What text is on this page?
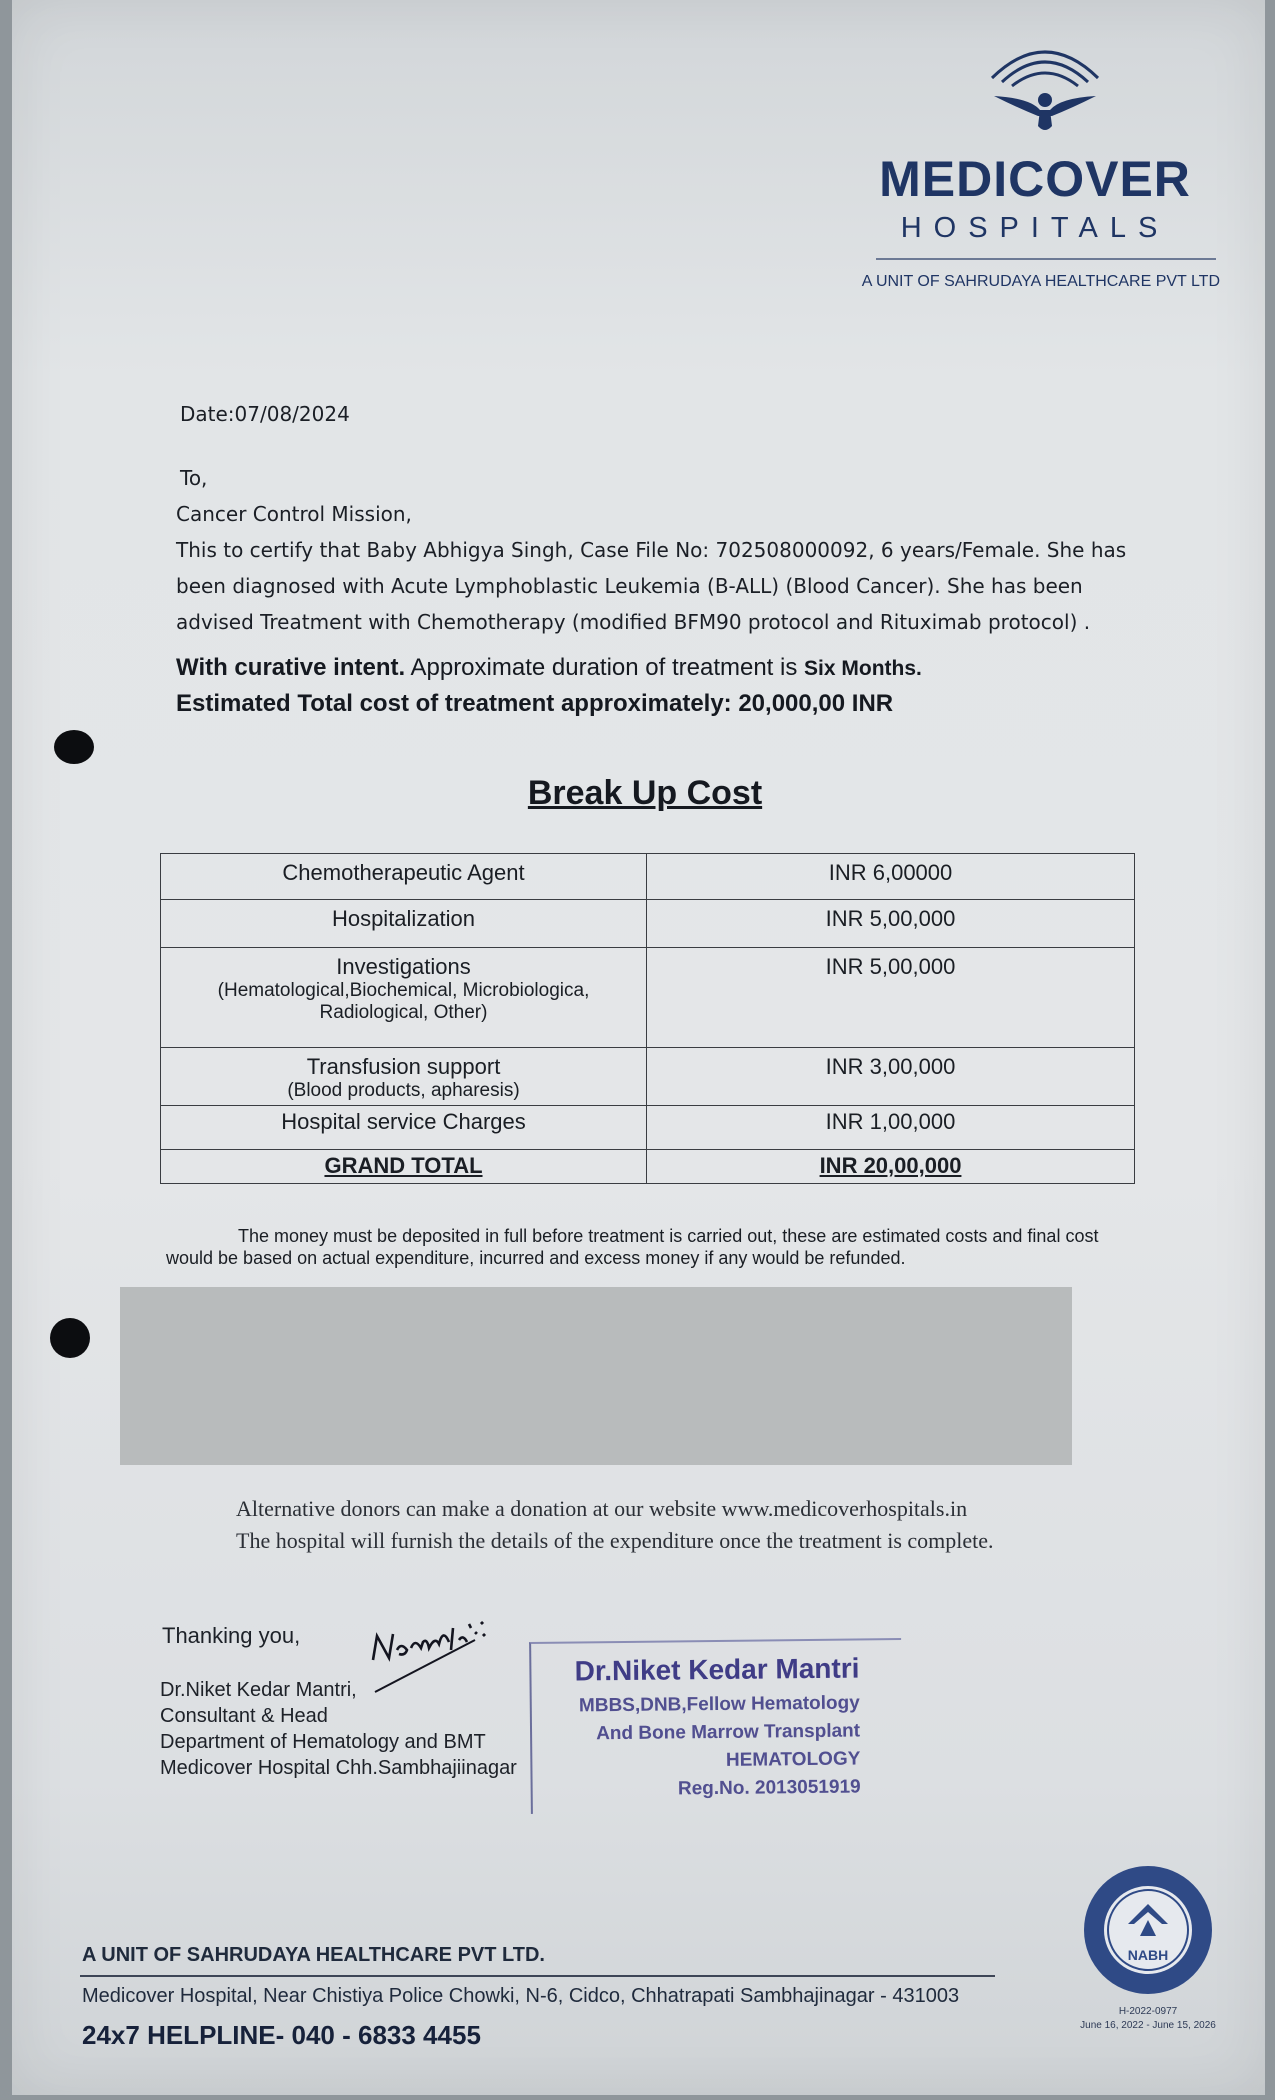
MEDICOVER
HOSPITALS
A UNIT OF SAHRUDAYA HEALTHCARE PVT LTD
Date:07/08/2024
To,
Cancer Control Mission,
This to certify that Baby Abhigya Singh, Case File No: 702508000092, 6 years/Female. She has
been diagnosed with Acute Lymphoblastic Leukemia (B-ALL) (Blood Cancer). She has been
advised Treatment with Chemotherapy (modified BFM90 protocol and Rituximab protocol) .
With curative intent. Approximate duration of treatment is Six Months.
Estimated Total cost of treatment approximately: 20,000,00 INR
Break Up Cost
Chemotherapeutic Agent	INR 6,00000

Hospitalization	INR 5,00,000

Investigations
(Hematological,Biochemical, Microbiologica,
Radiological, Other)	INR 5,00,000

Transfusion support
(Blood products, apharesis)	INR 3,00,000

Hospital service Charges	INR 1,00,000

GRAND TOTAL	INR 20,00,000
The money must be deposited in full before treatment is carried out, these are estimated costs and final cost
would be based on actual expenditure, incurred and excess money if any would be refunded.
Alternative donors can make a donation at our website www.medicoverhospitals.in
The hospital will furnish the details of the expenditure once the treatment is complete.
Thanking you,
Dr.Niket Kedar Mantri,
Consultant & Head
Department of Hematology and BMT
Medicover Hospital Chh.Sambhajiinagar
Dr.Niket Kedar Mantri
MBBS,DNB,Fellow Hematology
And Bone Marrow Transplant
HEMATOLOGY
Reg.No. 2013051919
NABH
H-2022-0977
June 16, 2022 - June 15, 2026
A UNIT OF SAHRUDAYA HEALTHCARE PVT LTD.
Medicover Hospital, Near Chistiya Police Chowki, N-6, Cidco, Chhatrapati Sambhajinagar - 431003
24x7 HELPLINE- 040 - 6833 4455
